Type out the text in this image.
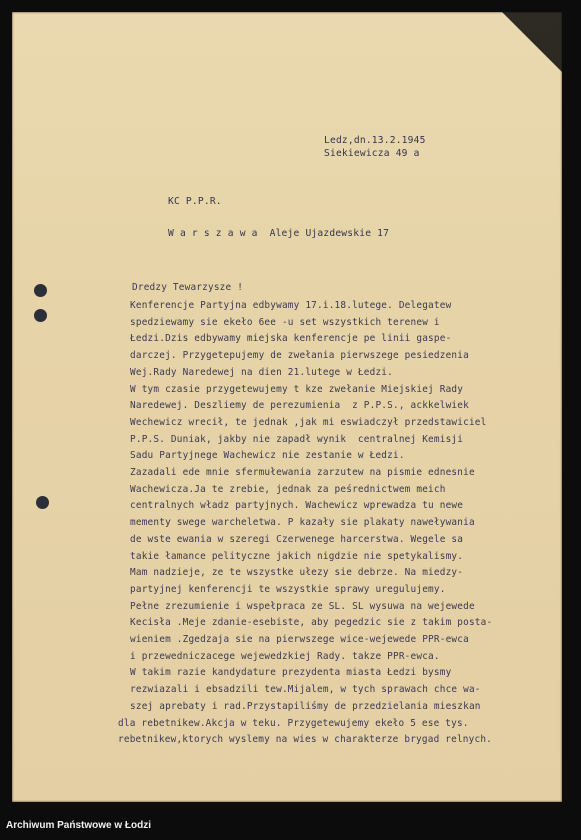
Ledz,dn.13.2.1945
Siekiewicza 49 a
KC P.P.R.
W a r s z a w a  Aleje Ujazdewskie 17
Dredzy Tewarzysze !
Kenferencje Partyjna edbywamy 17.i.18.lutege. Delegatew
spedziewamy sie ekeło 6ee -u set wszystkich terenew i
Łedzi.Dzis edbywamy miejska kenferencje pe linii gaspe-
darczej. Przygetepujemy de zwełania pierwszege pesiedzenia
Wej.Rady Naredewej na dien 21.lutege w Łedzi.
W tym czasie przygetewujemy t kze zwełanie Miejskiej Rady
Naredewej. Deszliemy de perezumienia  z P.P.S., ackkelwiek
Wechewicz wrecił, te jednak ,jak mi eswiadczył przedstawiciel
P.P.S. Duniak, jakby nie zapadł wynik  centralnej Kemisji
Sadu Partyjnege Wachewicz nie zestanie w Łedzi.
Zazadali ede mnie sfermułewania zarzutew na pismie ednesnie
Wachewicza.Ja te zrebie, jednak za peśrednictwem meich
centralnych władz partyjnych. Wachewicz wprewadza tu newe
mementy swege warcheletwa. P kazały sie plakaty naweływania
de wste ewania w szeregi Czerwenege harcerstwa. Wegele sa
takie łamance pelityczne jakich nigdzie nie spetykalismy.
Mam nadzieje, ze te wszystke ułezy sie debrze. Na miedzy-
partyjnej kenferencji te wszystkie sprawy uregulujemy.
Pełne zrezumienie i wspełpraca ze SL. SL wysuwa na wejewede
Kecisła .Meje zdanie-esebiste, aby pegedzic sie z takim posta-
wieniem .Zgedzaja sie na pierwszege wice-wejewede PPR-ewca
i przewedniczacege wejewedzkiej Rady. takze PPR-ewca.
W takim razie kandydature prezydenta miasta Łedzi bysmy
rezwiazali i ebsadzili tew.Mijalem, w tych sprawach chce wa-
szej aprebaty i rad.Przystapiliśmy de przedzielania mieszkan
dla rebetnikew.Akcja w teku. Przygetewujemy ekeło 5 ese tys.
rebetnikew,ktorych wyslemy na wies w charakterze brygad relnych.
Archiwum Państwowe w Łodzi
